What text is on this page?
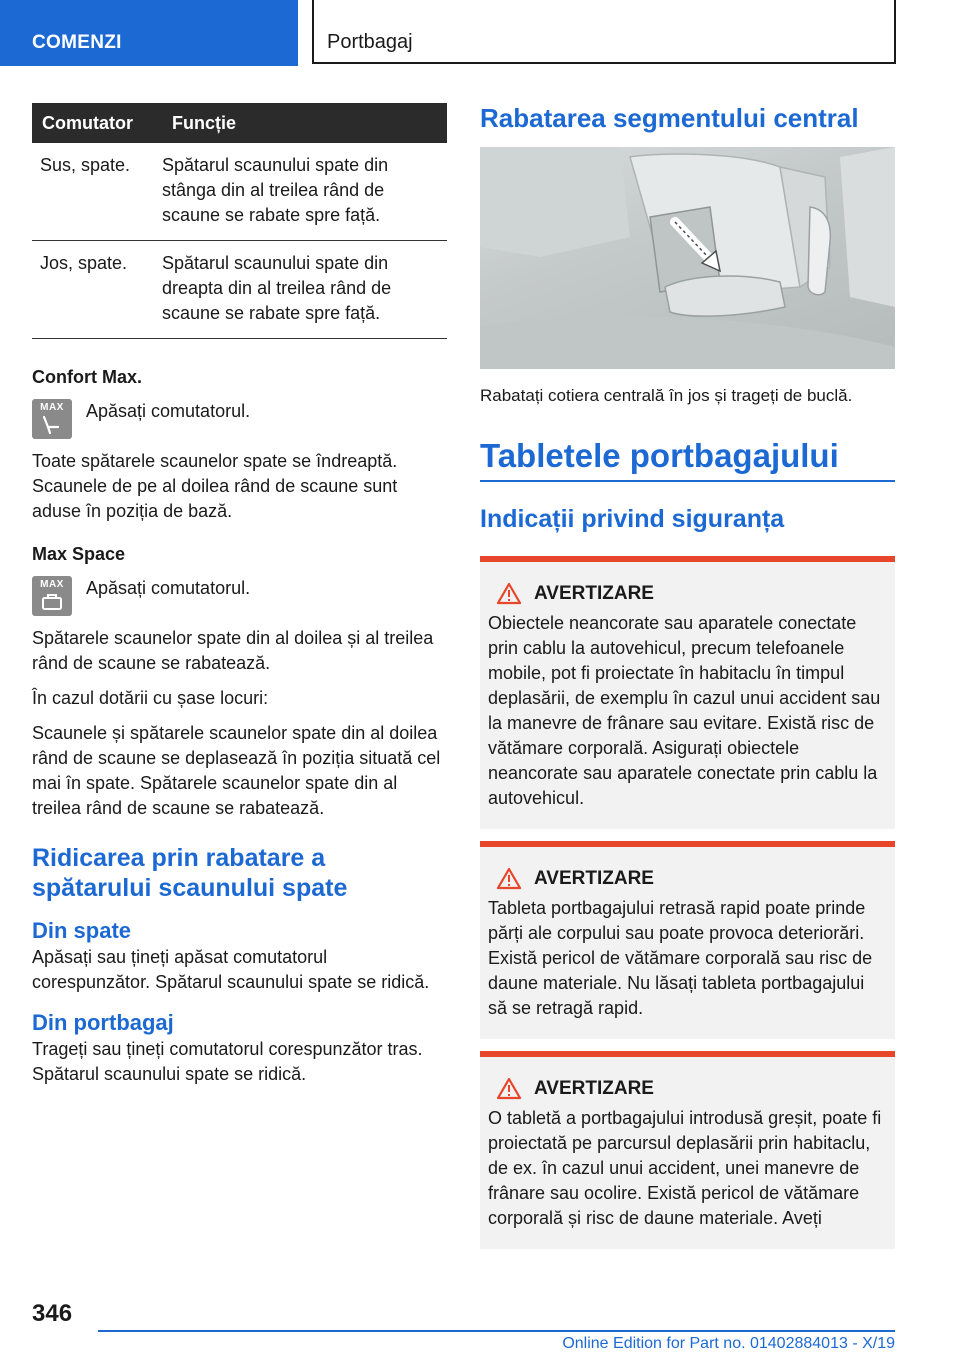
COMENZI	Portbagaj
Comutator	Funcție
Sus, spate.	Spătarul scaunului spate din stânga din al treilea rând de scaune se rabate spre față.
Jos, spate.	Spătarul scaunului spate din dreapta din al treilea rând de scaune se rabate spre față.

Confort Max.

MAX	Apăsați comutatorul.

Toate spătarele scaunelor spate se îndreaptă. Scaunele de pe al doilea rând de scaune sunt aduse în poziția de bază.

Max Space

MAX	Apăsați comutatorul.

Spătarele scaunelor spate din al doilea și al treilea rând de scaune se rabatează.

În cazul dotării cu șase locuri:

Scaunele și spătarele scaunelor spate din al doilea rând de scaune se deplasează în poziția situată cel mai în spate. Spătarele scaunelor spate din al treilea rând de scaune se rabatează.

Ridicarea prin rabatare a spătarului scaunului spate
Din spate

Apăsați sau țineți apăsat comutatorul corespunzător. Spătarul scaunului spate se ridică.

Din portbagaj

Trageți sau țineți comutatorul corespunzător tras. Spătarul scaunului spate se ridică.

Rabatarea segmentului central

Rabatați cotiera centrală în jos și trageți de buclă.

Tabletele portbagajului
Indicații privind siguranța
AVERTIZARE

Obiectele neancorate sau aparatele conectate prin cablu la autovehicul, precum telefoanele mobile, pot fi proiectate în habitaclu în timpul deplasării, de exemplu în cazul unui accident sau la manevre de frânare sau evitare. Există risc de vătămare corporală. Asigurați obiectele neancorate sau aparatele conectate prin cablu la autovehicul.

AVERTIZARE

Tableta portbagajului retrasă rapid poate prinde părți ale corpului sau poate provoca deteriorări. Există pericol de vătămare corporală sau risc de daune materiale. Nu lăsați tableta portbagajului să se retragă rapid.

AVERTIZARE

O tabletă a portbagajului introdusă greșit, poate fi proiectată pe parcursul deplasării prin habitaclu, de ex. în cazul unui accident, unei manevre de frânare sau ocolire. Există pericol de vătămare corporală și risc de daune materiale. Aveți

346
Online Edition for Part no. 01402884013 - X/19
